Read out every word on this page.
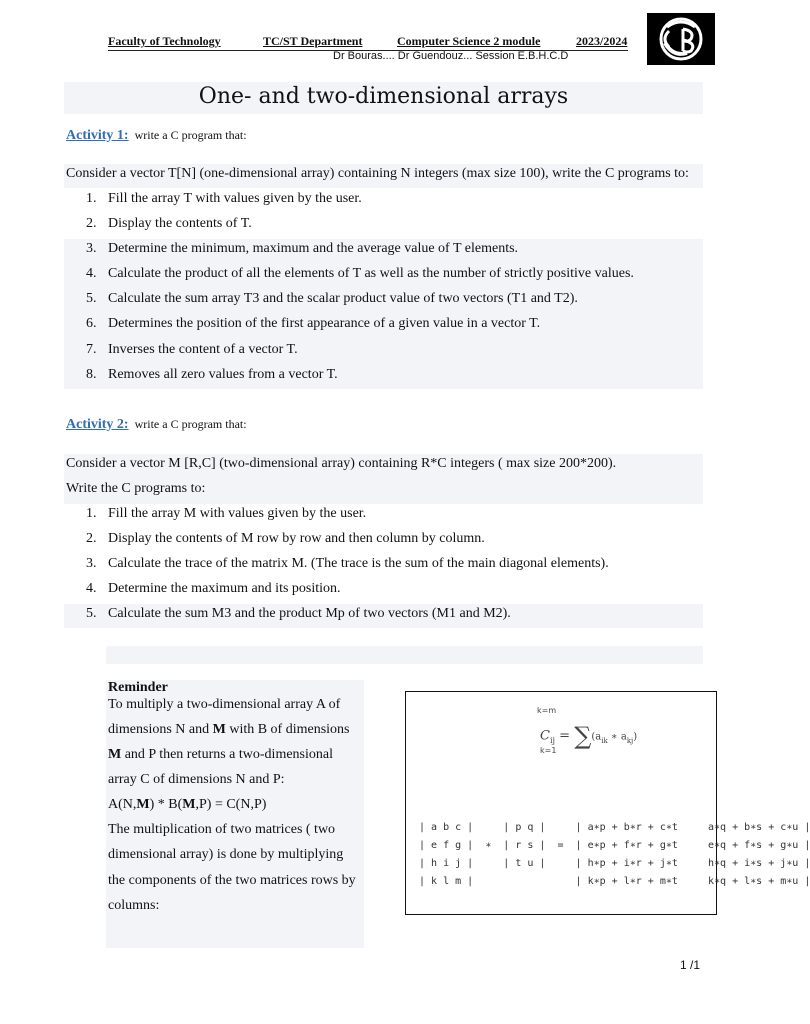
Faculty of Technology	TC/ST Department	Computer Science 2 module	2023/2024
Dr Bouras.... Dr Guendouz... Session E.B.H.C.D
One- and two-dimensional arrays
Activity 1: write a C program that:
Consider a vector T[N] (one-dimensional array) containing N integers (max size 100), write the C programs to:
1. Fill the array T with values given by the user.
2. Display the contents of T.
3. Determine the minimum, maximum and the average value of T elements.
4. Calculate the product of all the elements of T as well as the number of strictly positive values.
5. Calculate the sum array T3 and the scalar product value of two vectors (T1 and T2).
6. Determines the position of the first appearance of a given value in a vector T.
7. Inverses the content of a vector T.
8. Removes all zero values from a vector T.
Activity 2: write a C program that:
Consider a vector M [R,C] (two-dimensional array) containing R*C integers ( max size 200*200).
Write the C programs to:
1. Fill the array M with values given by the user.
2. Display the contents of M row by row and then column by column.
3. Calculate the trace of the matrix M. (The trace is the sum of the main diagonal elements).
4. Determine the maximum and its position.
5. Calculate the sum M3 and the product Mp of two vectors (M1 and M2).
Reminder
To multiply a two-dimensional array A of
dimensions N and M with B of dimensions
M and P then returns a two-dimensional
array C of dimensions N and P:
A(N,M) * B(M,P) = C(N,P)
The multiplication of two matrices ( two
dimensional array) is done by multiplying
the components of the two matrices rows by
columns:
k=m
$C_{ij} = \sum(a_{ik}$ ∗ $a_{kj}$)
k=1
| a b c |     | p q |     | a∗p + b∗r + c∗t     a∗q + b∗s + c∗u |
| e f g |  ∗  | r s |  =  | e∗p + f∗r + g∗t     e∗q + f∗s + g∗u |
| h i j |     | t u |     | h∗p + i∗r + j∗t     h∗q + i∗s + j∗u |
| k l m |                 | k∗p + l∗r + m∗t     k∗q + l∗s + m∗u |
1 /1
